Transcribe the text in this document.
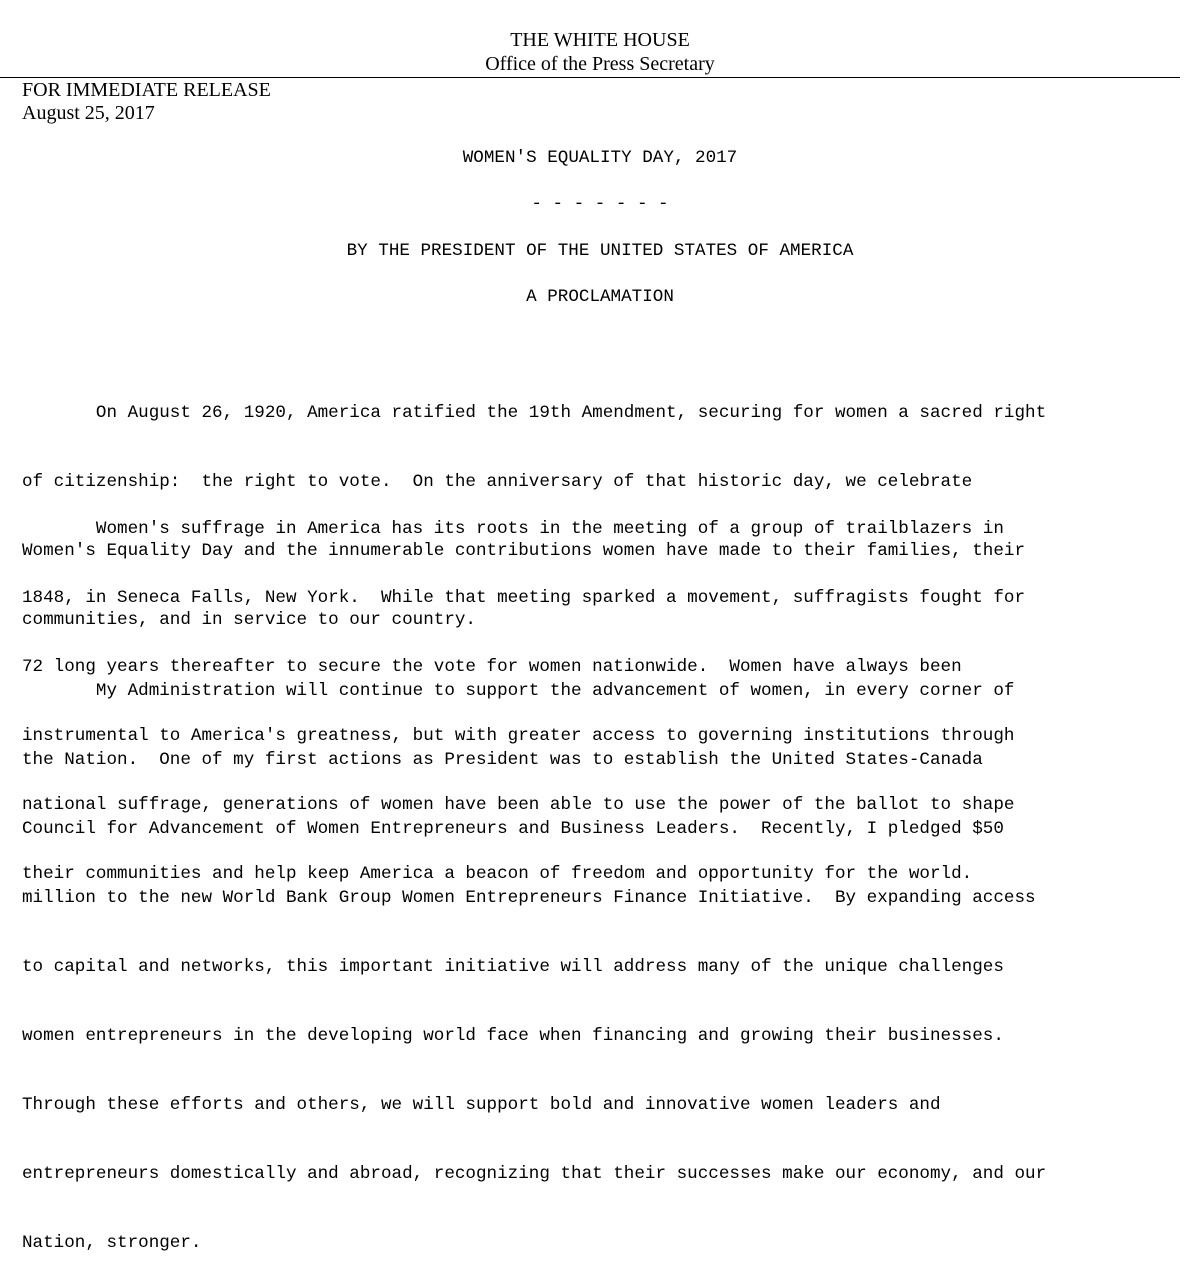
THE WHITE HOUSE
Office of the Press Secretary
FOR IMMEDIATE RELEASE
August 25, 2017
WOMEN'S EQUALITY DAY, 2017
- - - - - - -
BY THE PRESIDENT OF THE UNITED STATES OF AMERICA
A PROCLAMATION

On August 26, 1920, America ratified the 19th Amendment, securing for women a sacred right

of citizenship:  the right to vote.  On the anniversary of that historic day, we celebrate

Women's Equality Day and the innumerable contributions women have made to their families, their

communities, and in service to our country.

Women's suffrage in America has its roots in the meeting of a group of trailblazers in

1848, in Seneca Falls, New York.  While that meeting sparked a movement, suffragists fought for

72 long years thereafter to secure the vote for women nationwide.  Women have always been

instrumental to America's greatness, but with greater access to governing institutions through

national suffrage, generations of women have been able to use the power of the ballot to shape

their communities and help keep America a beacon of freedom and opportunity for the world.

My Administration will continue to support the advancement of women, in every corner of

the Nation.  One of my first actions as President was to establish the United States-Canada

Council for Advancement of Women Entrepreneurs and Business Leaders.  Recently, I pledged $50

million to the new World Bank Group Women Entrepreneurs Finance Initiative.  By expanding access

to capital and networks, this important initiative will address many of the unique challenges

women entrepreneurs in the developing world face when financing and growing their businesses.

Through these efforts and others, we will support bold and innovative women leaders and

entrepreneurs domestically and abroad, recognizing that their successes make our economy, and our

Nation, stronger.
